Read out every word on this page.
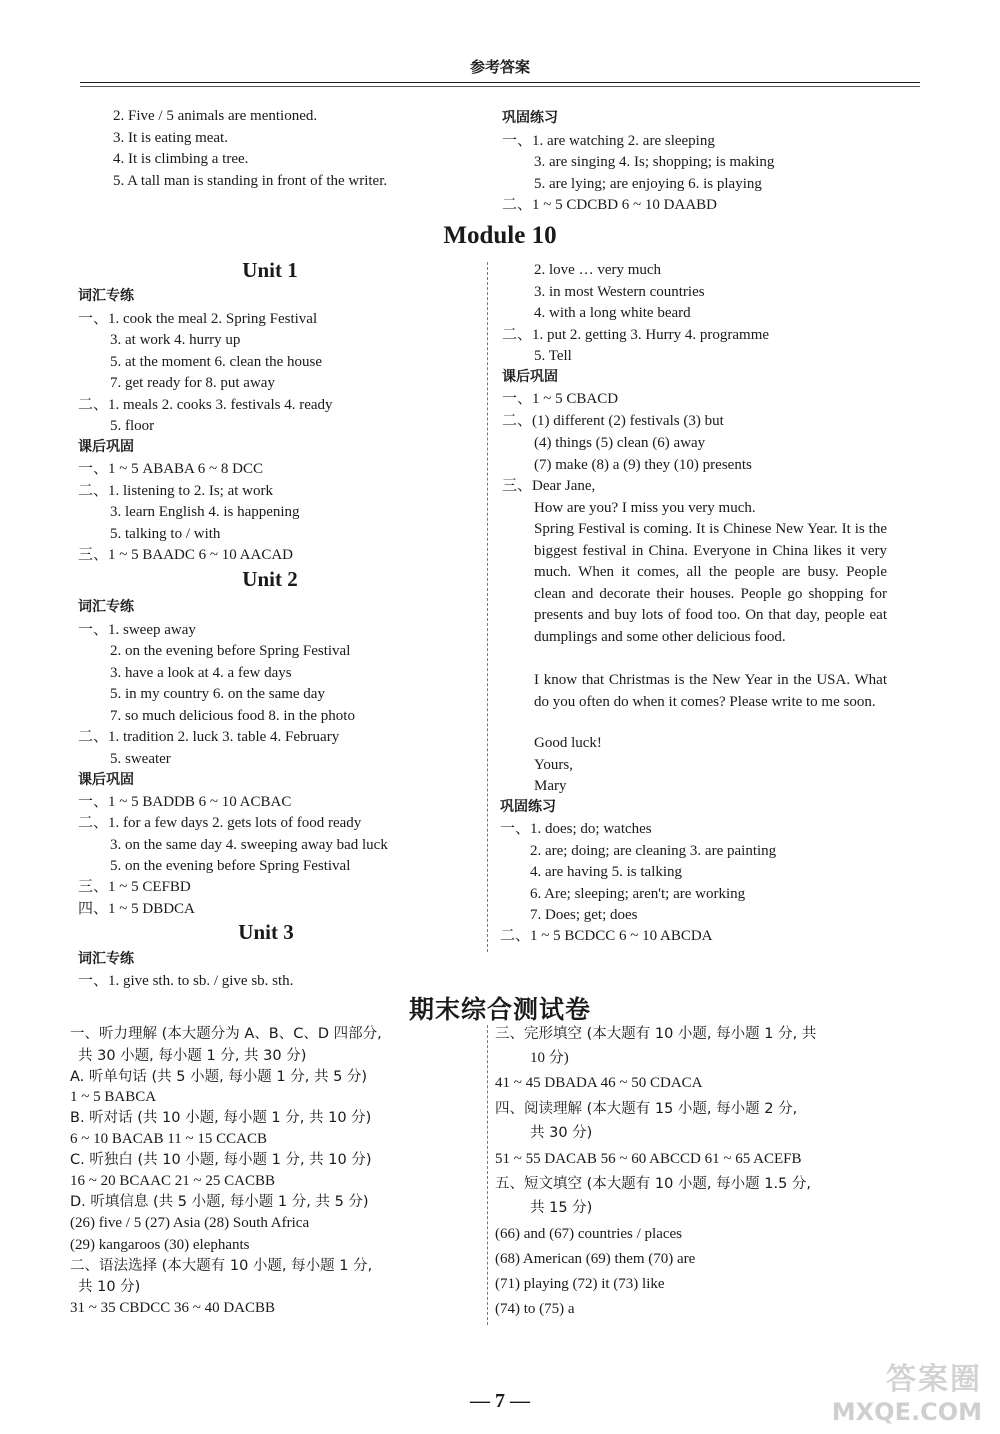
参考答案
2. Five / 5 animals are mentioned.
3. It is eating meat.
4. It is climbing a tree.
5. A tall man is standing in front of the writer.
巩固练习
一、1. are watching 2. are sleeping
3. are singing 4. Is; shopping; is making
5. are lying; are enjoying 6. is playing
二、1 ~ 5 CDCBD 6 ~ 10 DAABD
Module 10
Unit 1
词汇专练
一、1. cook the meal 2. Spring Festival
3. at work 4. hurry up
5. at the moment 6. clean the house
7. get ready for 8. put away
二、1. meals 2. cooks 3. festivals 4. ready
5. floor
课后巩固
一、1 ~ 5 ABABA 6 ~ 8 DCC
二、1. listening to 2. Is; at work
3. learn English 4. is happening
5. talking to / with
三、1 ~ 5 BAADC 6 ~ 10 AACAD
Unit 2
词汇专练
一、1. sweep away
2. on the evening before Spring Festival
3. have a look at 4. a few days
5. in my country 6. on the same day
7. so much delicious food 8. in the photo
二、1. tradition 2. luck 3. table 4. February
5. sweater
课后巩固
一、1 ~ 5 BADDB 6 ~ 10 ACBAC
二、1. for a few days 2. gets lots of food ready
3. on the same day 4. sweeping away bad luck
5. on the evening before Spring Festival
三、1 ~ 5 CEFBD
四、1 ~ 5 DBDCA
Unit 3
词汇专练
一、1. give sth. to sb. / give sb. sth.
2. love … very much
3. in most Western countries
4. with a long white beard
二、1. put 2. getting 3. Hurry 4. programme
5. Tell
课后巩固
一、1 ~ 5 CBACD
二、(1) different (2) festivals (3) but
(4) things (5) clean (6) away
(7) make (8) a (9) they (10) presents
三、Dear Jane,
How are you? I miss you very much.
Spring Festival is coming. It is Chinese New Year. It is the biggest festival in China. Everyone in China likes it very much. When it comes, all the people are busy. People clean and decorate their houses. People go shopping for presents and buy lots of food too. On that day, people eat dumplings and some other delicious food.
I know that Christmas is the New Year in the USA. What do you often do when it comes? Please write to me soon.
Good luck!
Yours,
Mary
巩固练习
一、1. does; do; watches
2. are; doing; are cleaning 3. are painting
4. are having 5. is talking
6. Are; sleeping; aren't; are working
7. Does; get; does
二、1 ~ 5 BCDCC 6 ~ 10 ABCDA
期末综合测试卷
一、听力理解 (本大题分为 A、B、C、D 四部分,
共 30 小题, 每小题 1 分, 共 30 分)
A. 听单句话 (共 5 小题, 每小题 1 分, 共 5 分)
1 ~ 5 BABCA
B. 听对话 (共 10 小题, 每小题 1 分, 共 10 分)
6 ~ 10 BACAB 11 ~ 15 CCACB
C. 听独白 (共 10 小题, 每小题 1 分, 共 10 分)
16 ~ 20 BCAAC 21 ~ 25 CACBB
D. 听填信息 (共 5 小题, 每小题 1 分, 共 5 分)
(26) five / 5 (27) Asia (28) South Africa
(29) kangaroos (30) elephants
二、语法选择 (本大题有 10 小题, 每小题 1 分,
共 10 分)
31 ~ 35 CBDCC 36 ~ 40 DACBB
三、完形填空 (本大题有 10 小题, 每小题 1 分, 共
10 分)
41 ~ 45 DBADA 46 ~ 50 CDACA
四、阅读理解 (本大题有 15 小题, 每小题 2 分,
共 30 分)
51 ~ 55 DACAB 56 ~ 60 ABCCD 61 ~ 65 ACEFB
五、短文填空 (本大题有 10 小题, 每小题 1.5 分,
共 15 分)
(66) and (67) countries / places
(68) American (69) them (70) are
(71) playing (72) it (73) like
(74) to (75) a
— 7 —
答案圈
MXQE.COM
